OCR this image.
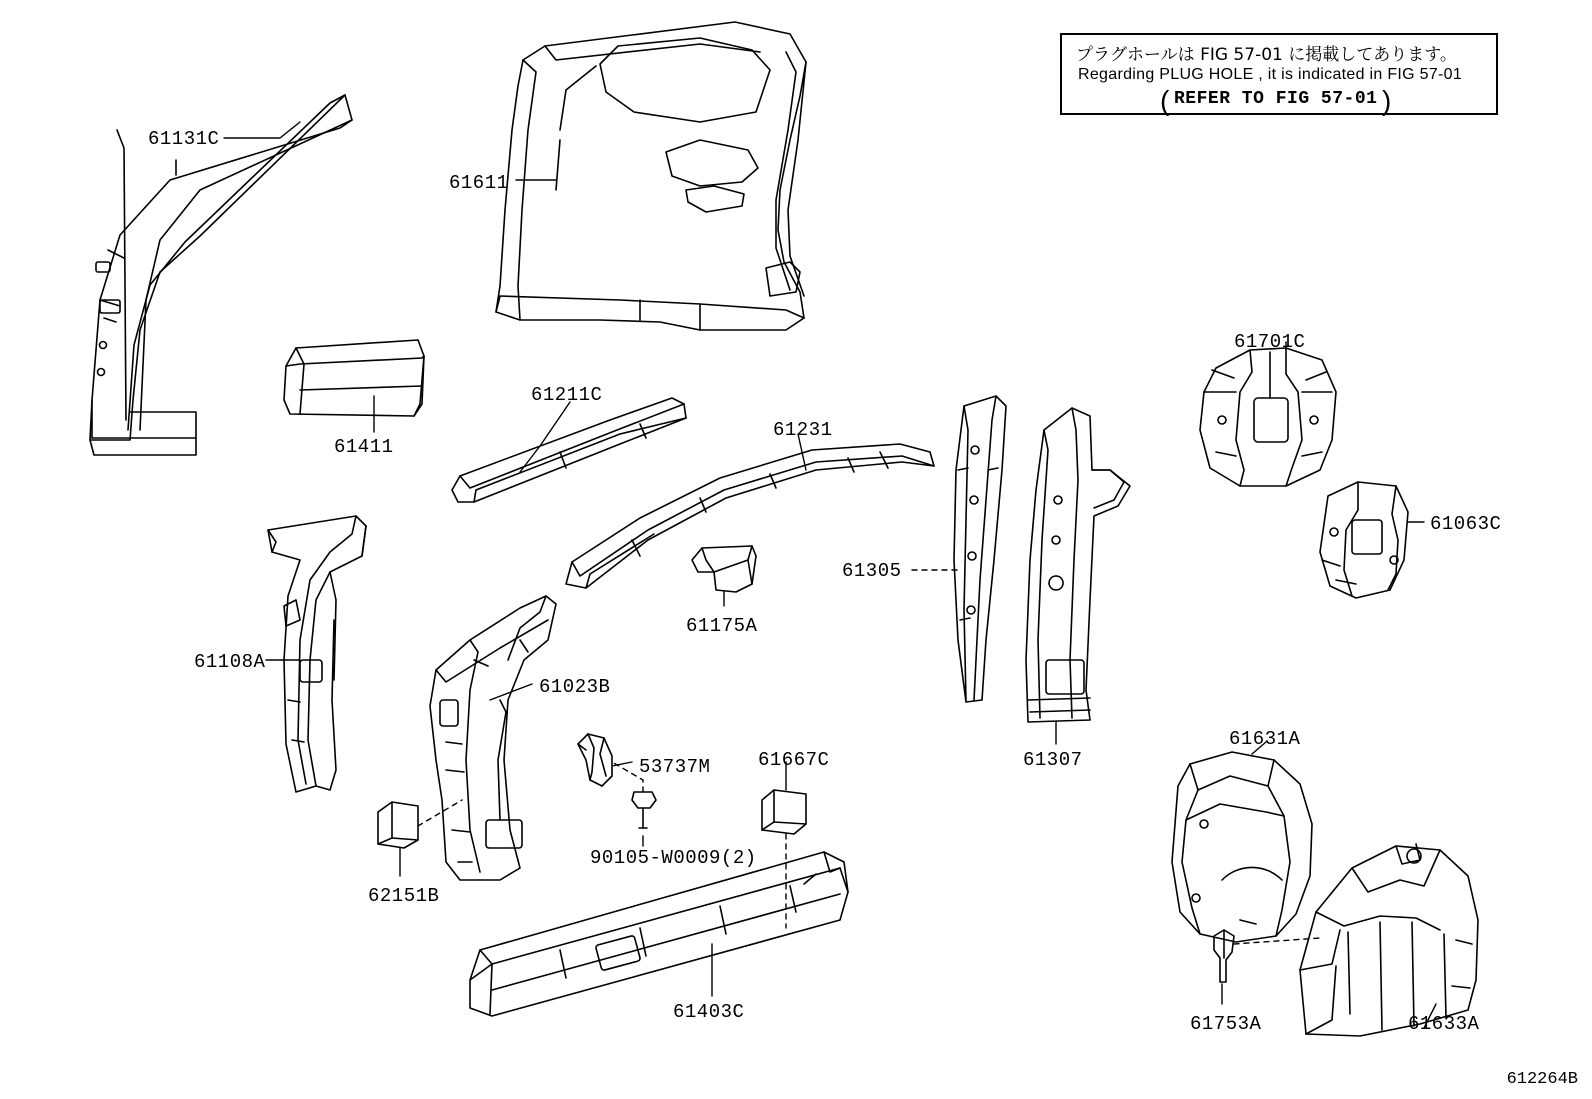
プラグホールは FIG 57-01 に掲載してあります。
Regarding PLUG HOLE , it is indicated in FIG 57-01
( REFER TO FIG 57-01 )
61131C
61611
61411
61211C
61231
61701C
61063C
61305
61108A
61175A
61023B
53737M	61667C	61307
61631A
62151B
90105-W0009(2)
61403C
61753A	61633A
612264B
